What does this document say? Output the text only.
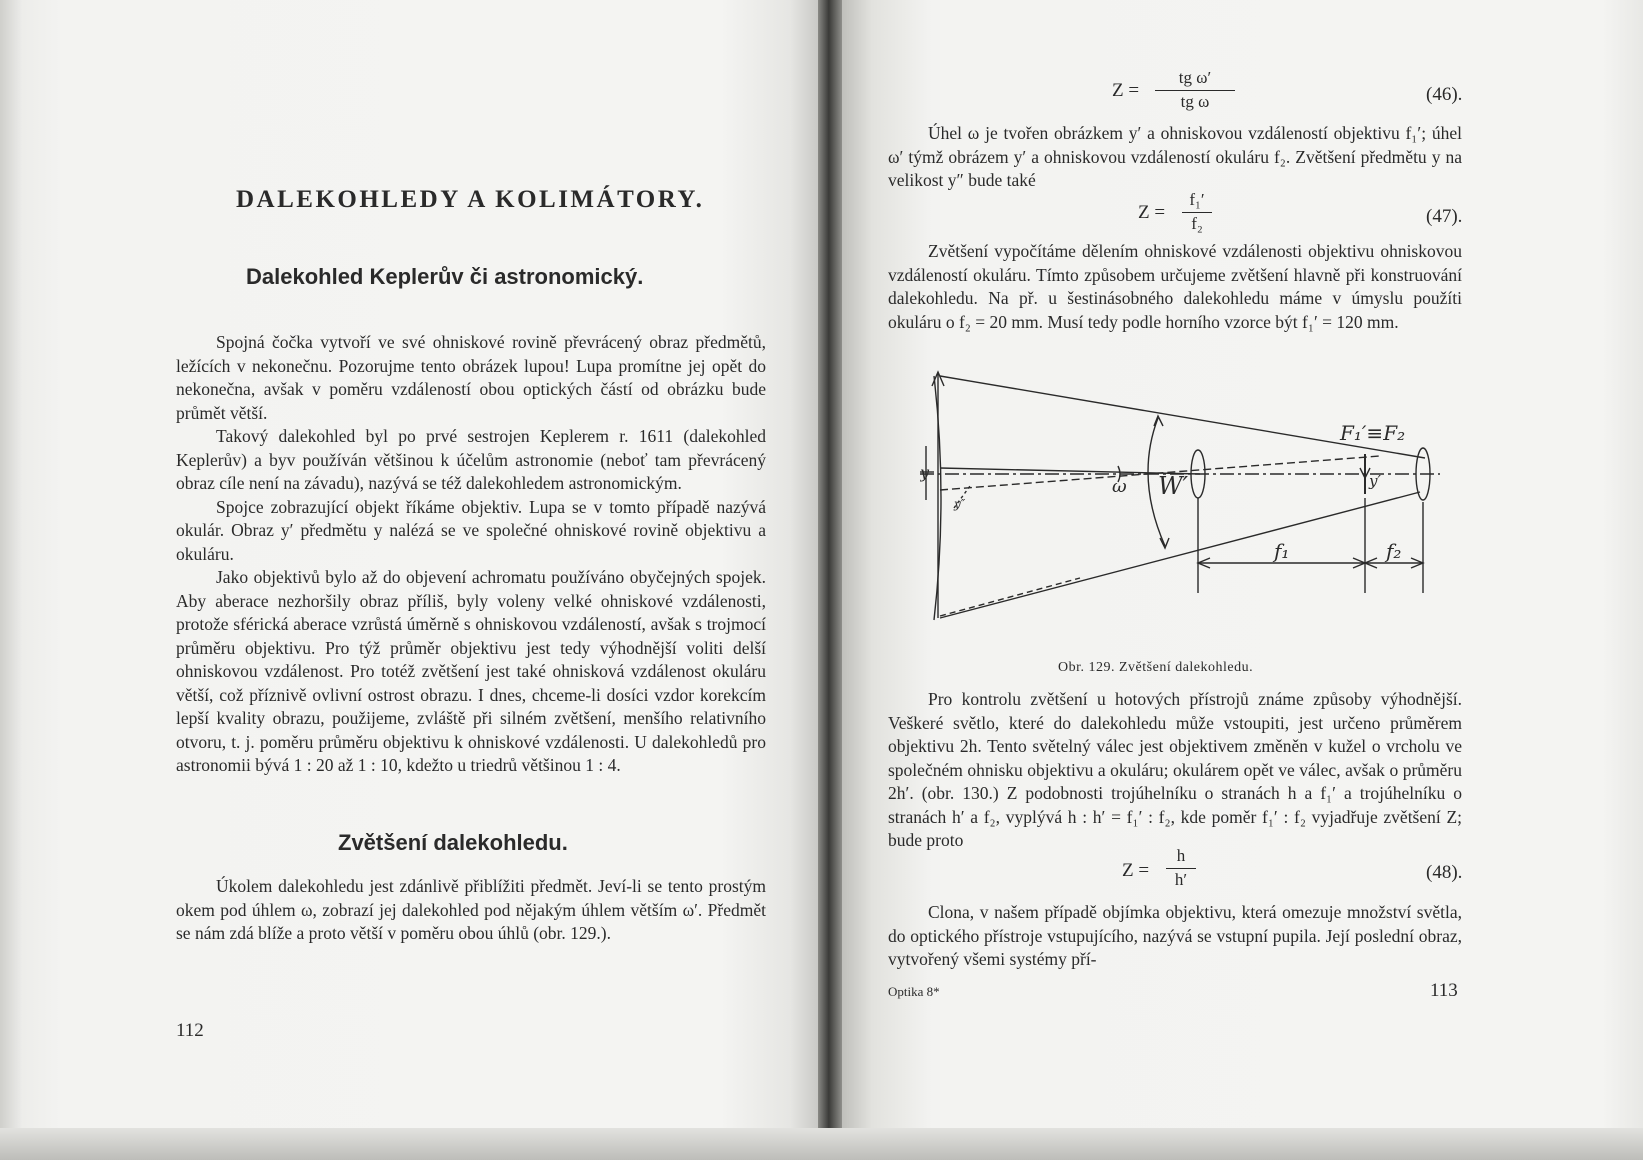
DALEKOHLEDY A KOLIMÁTORY.
Dalekohled Keplerův či astronomický.

Spojná čočka vytvoří ve své ohniskové rovině převrácený obraz předmětů, ležících v nekonečnu. Pozorujme tento obrázek lupou! Lupa promítne jej opět do nekonečna, avšak v poměru vzdáleností obou optických částí od obrázku bude průmět větší.

Takový dalekohled byl po prvé sestrojen Keplerem r. 1611 (dalekohled Keplerův) a byv používán většinou k účelům astronomie (neboť tam převrácený obraz cíle není na závadu), nazývá se též dalekohledem astronomickým.

Spojce zobrazující objekt říkáme objektiv. Lupa se v tomto případě nazývá okulár. Obraz y′ předmětu y nalézá se ve společné ohniskové rovině objektivu a okuláru.

Jako objektivů bylo až do objevení achromatu používáno obyčejných spojek. Aby aberace nezhoršily obraz příliš, byly voleny velké ohniskové vzdálenosti, protože sférická aberace vzrůstá úměrně s ohniskovou vzdáleností, avšak s trojmocí průměru objektivu. Pro týž průměr objektivu jest tedy výhodnější voliti delší ohniskovou vzdálenost. Pro totéž zvětšení jest také ohnisková vzdálenost okuláru větší, což příznivě ovlivní ostrost obrazu. I dnes, chceme-li dosíci vzdor korekcím lepší kvality obrazu, použijeme, zvláště při silném zvětšení, menšího relativního otvoru, t. j. poměru průměru objektivu k ohniskové vzdálenosti. U dalekohledů pro astronomii bývá 1 : 20 až 1 : 10, kdežto u triedrů většinou 1 : 4.

Zvětšení dalekohledu.

Úkolem dalekohledu jest zdánlivě přiblížiti předmět. Jeví-li se tento prostým okem pod úhlem ω, zobrazí jej dalekohled pod nějakým úhlem větším ω′. Předmět se nám zdá blíže a proto větší v poměru obou úhlů (obr. 129.).

112
Z =
tg ω′
tg ω	(46).

Úhel ω je tvořen obrázkem y′ a ohniskovou vzdáleností objektivu f₁′; úhel ω′ týmž obrázem y′ a ohniskovou vzdáleností okuláru f₂. Zvětšení předmětu y na velikost y″ bude také

Z =
f₁′
f₂	(47).

Zvětšení vypočítáme dělením ohniskové vzdálenosti objektivu ohniskovou vzdáleností okuláru. Tímto způsobem určujeme zvětšení hlavně při konstruování dalekohledu. Na př. u šestinásobného dalekohledu máme v úmyslu použíti okuláru o f₂ = 20 mm. Musí tedy podle horního vzorce být f₁′ = 120 mm.

F₁′≡F₂
y	y′
y″
ω W′
f₁	f₂
Obr. 129. Zvětšení dalekohledu.

Pro kontrolu zvětšení u hotových přístrojů známe způsoby výhodnější. Veškeré světlo, které do dalekohledu může vstoupiti, jest určeno průměrem objektivu 2h. Tento světelný válec jest objektivem změněn v kužel o vrcholu ve společném ohnisku objektivu a okuláru; okulárem opět ve válec, avšak o průměru 2h′. (obr. 130.) Z podobnosti trojúhelníku o stranách h a f₁′ a trojúhelníku o stranách h′ a f₂, vyplývá h : h′ = f₁′ : f₂, kde poměr f₁′ : f₂ vyjadřuje zvětšení Z; bude proto

Z =
h
h′	(48).

Clona, v našem případě objímka objektivu, která omezuje množství světla, do optického přístroje vstupujícího, nazývá se vstupní pupila. Její poslední obraz, vytvořený všemi systémy pří-

Optika 8*	113
